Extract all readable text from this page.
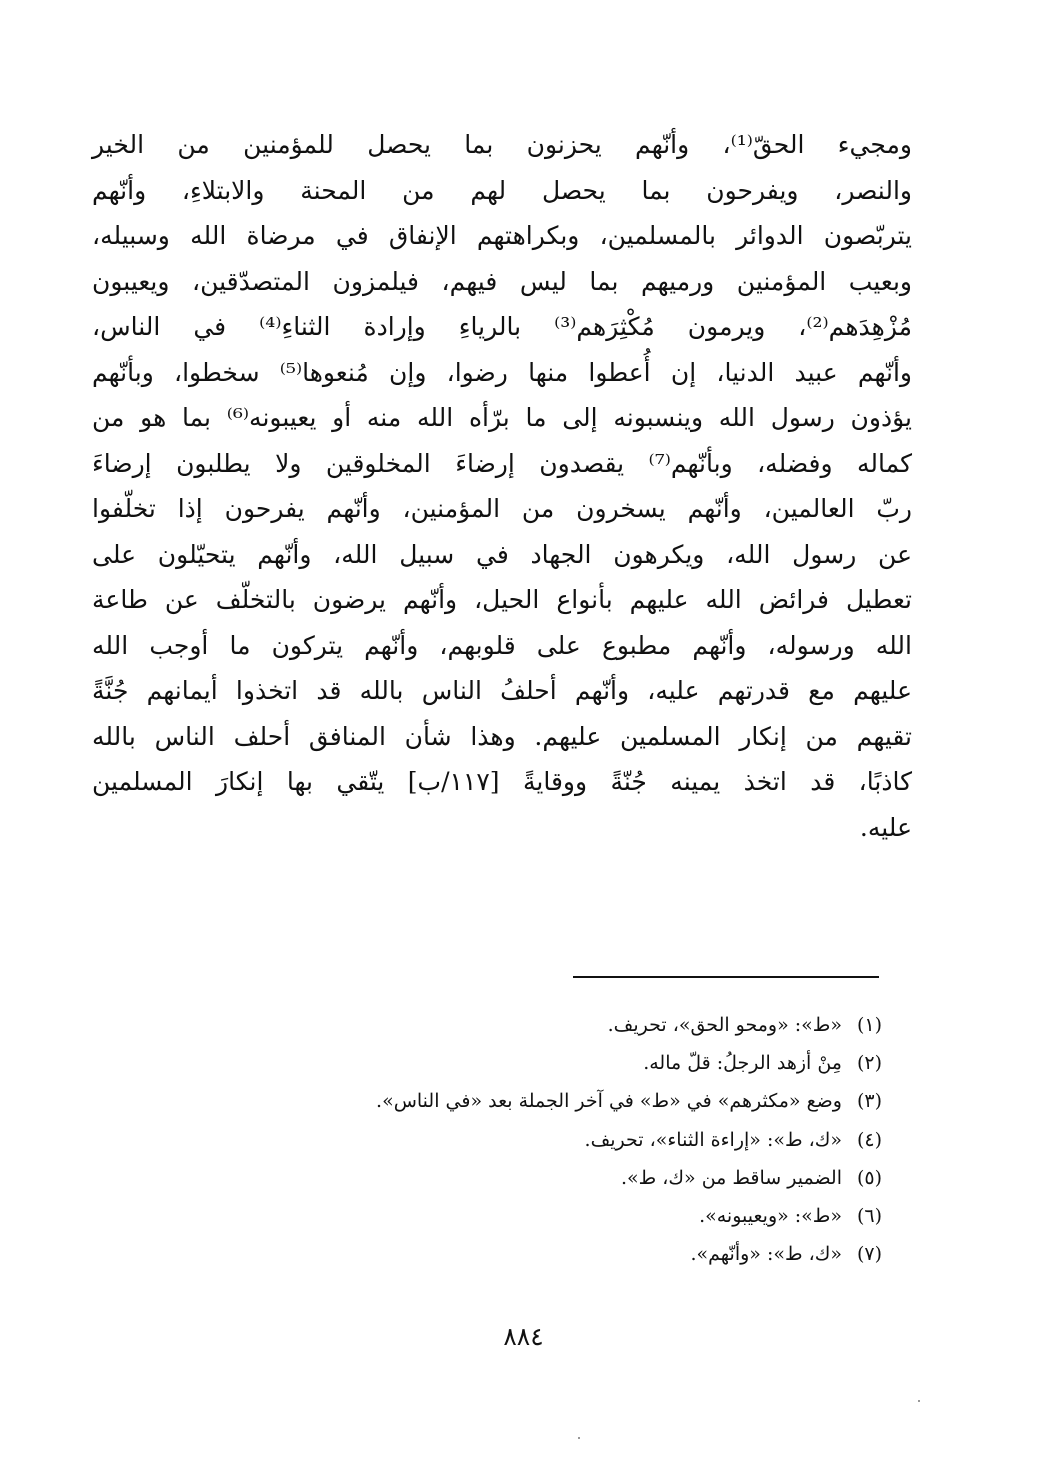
ومجيء الحقّ⁽¹⁾، وأنّهم يحزنون بما يحصل للمؤمنين من الخير
والنصر، ويفرحون بما يحصل لهم من المحنة والابتلاءِ، وأنّهم
يتربّصون الدوائر بالمسلمين، وبكراهتهم الإنفاق في مرضاة الله وسبيله،
وبعيب المؤمنين ورميهم بما ليس فيهم، فيلمزون المتصدّقين، ويعيبون
مُزْهِدَهم⁽²⁾، ويرمون مُكْثِرَهم⁽³⁾ بالرياءِ وإرادة الثناءِ⁽⁴⁾ في الناس،
وأنّهم عبيد الدنيا، إن أُعطوا منها رضوا، وإن مُنعوها⁽⁵⁾ سخطوا، وبأنّهم
يؤذون رسول الله وينسبونه إلى ما برّأه الله منه أو يعيبونه⁽⁶⁾ بما هو من
كماله وفضله، وبأنّهم⁽⁷⁾ يقصدون إرضاءَ المخلوقين ولا يطلبون إرضاءَ
ربّ العالمين، وأنّهم يسخرون من المؤمنين، وأنّهم يفرحون إذا تخلّفوا
عن رسول الله، ويكرهون الجهاد في سبيل الله، وأنّهم يتحيّلون على
تعطيل فرائض الله عليهم بأنواع الحيل، وأنّهم يرضون بالتخلّف عن طاعة
الله ورسوله، وأنّهم مطبوع على قلوبهم، وأنّهم يتركون ما أوجب الله
عليهم مع قدرتهم عليه، وأنّهم أحلفُ الناس بالله قد اتخذوا أيمانهم جُنَّةً
تقيهم من إنكار المسلمين عليهم. وهذا شأن المنافق أحلف الناس بالله
كاذبًا، قد اتخذ يمينه جُنّةً ووقايةً [١١٧/ب] يتّقي بها إنكارَ المسلمين
عليه.
(١)«ط»: «ومحو الحق»، تحريف.
(٢)مِنْ أزهد الرجلُ: قلّ ماله.
(٣)وضع «مكثرهم» في «ط» في آخر الجملة بعد «في الناس».
(٤)«ك، ط»: «إراءة الثناء»، تحريف.
(٥)الضمير ساقط من «ك، ط».
(٦)«ط»: «ويعيبونه».
(٧)«ك، ط»: «وأنّهم».
٨٨٤
